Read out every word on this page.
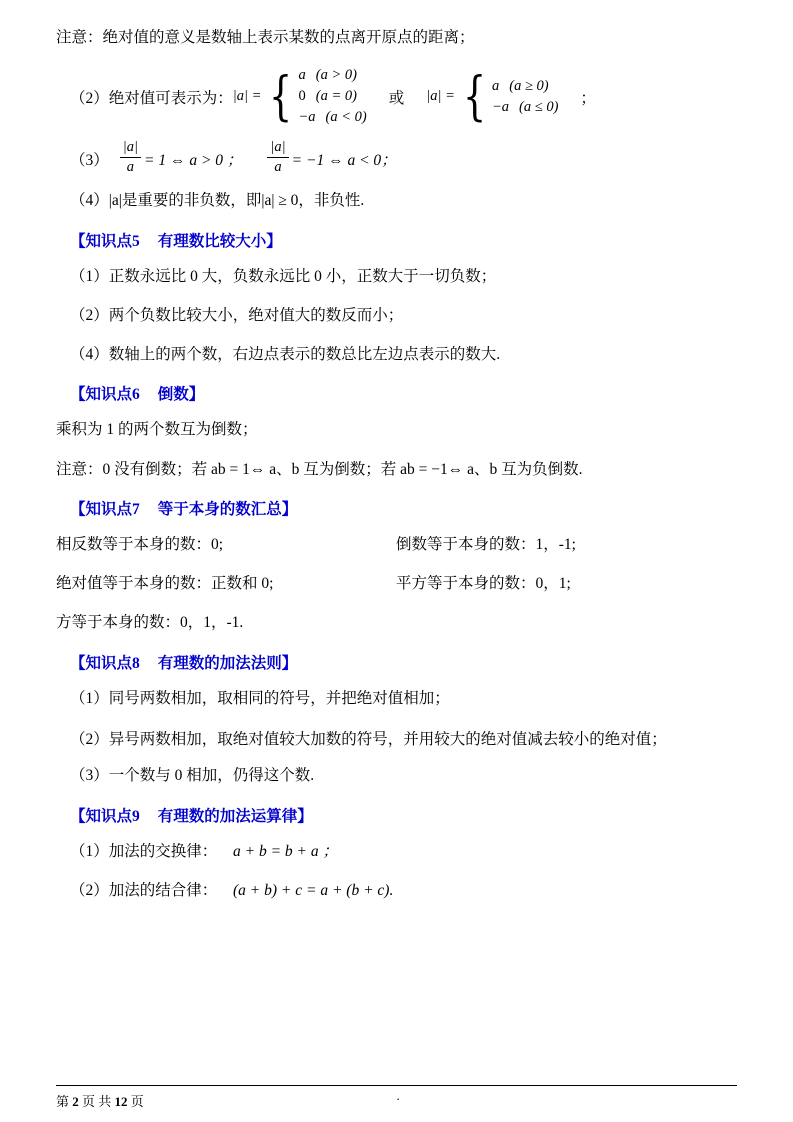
注意：绝对值的意义是数轴上表示某数的点离开原点的距离；

（2）绝对值可表示为： |a| = { a (a > 0)
0 (a = 0)
−a (a < 0)
或 |a| = { a (a ≥ 0)
−a (a ≤ 0) ；
$(3) \frac{|a|}{a} = 1$ ⇔ a > 0 ； $\frac{|a|}{a} = -1$ ⇔ a < 0；

（4）|a|是重要的非负数，即|a| ≥ 0，非负性.

【知识点5 有理数比较大小】

（1）正数永远比 0 大，负数永远比 0 小，正数大于一切负数；

（2）两个负数比较大小，绝对值大的数反而小；

（4）数轴上的两个数，右边点表示的数总比左边点表示的数大.

【知识点6 倒数】

乘积为 1 的两个数互为倒数；

注意：0 没有倒数；若 ab = 1⇔ a、b 互为倒数；若 ab = −1⇔ a、b 互为负倒数.

【知识点7 等于本身的数汇总】
相反数等于本身的数：0;	倒数等于本身的数：1，-1;
绝对值等于本身的数：正数和 0;	平方等于本身的数：0，1;

方等于本身的数：0，1，-1.

【知识点8 有理数的加法法则】

（1）同号两数相加，取相同的符号，并把绝对值相加；

（2）异号两数相加，取绝对值较大加数的符号，并用较大的绝对值减去较小的绝对值；

（3）一个数与 0 相加，仍得这个数.

【知识点9 有理数的加法运算律】
（1）加法的交换律： a + b = b + a ；
（2）加法的结合律： (a + b) + c = a + (b + c).
第 2 页 共 12 页	.
